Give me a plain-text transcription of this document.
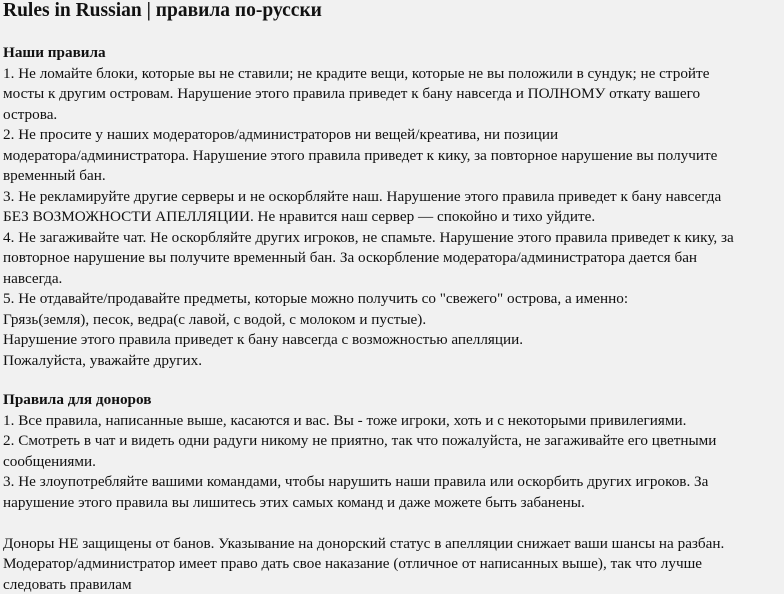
Rules in Russian | правила по-русски
Наши правила
1. Не ломайте блоки, которые вы не ставили; не крадите вещи, которые не вы положили в сундук; не стройте
мосты к другим островам. Нарушение этого правила приведет к бану навсегда и ПОЛНОМУ откату вашего
острова.
2. Не просите у наших модераторов/администраторов ни вещей/креатива, ни позиции
модератора/администратора. Нарушение этого правила приведет к кику, за повторное нарушение вы получите
временный бан.
3. Не рекламируйте другие серверы и не оскорбляйте наш. Нарушение этого правила приведет к бану навсегда
БЕЗ ВОЗМОЖНОСТИ АПЕЛЛЯЦИИ. Не нравится наш сервер — спокойно и тихо уйдите.
4. Не загаживайте чат. Не оскорбляйте других игроков, не спамьте. Нарушение этого правила приведет к кику, за
повторное нарушение вы получите временный бан. За оскорбление модератора/администратора дается бан
навсегда.
5. Не отдавайте/продавайте предметы, которые можно получить со "свежего" острова, а именно:
Грязь(земля), песок, ведра(с лавой, с водой, с молоком и пустые).
Нарушение этого правила приведет к бану навсегда с возможностью апелляции.
Пожалуйста, уважайте других.
Правила для доноров
1. Все правила, написанные выше, касаются и вас. Вы - тоже игроки, хоть и с некоторыми привилегиями.
2. Смотреть в чат и видеть одни радуги никому не приятно, так что пожалуйста, не загаживайте его цветными
сообщениями.
3. Не злоупотребляйте вашими командами, чтобы нарушить наши правила или оскорбить других игроков. За
нарушение этого правила вы лишитесь этих самых команд и даже можете быть забанены.
Доноры НЕ защищены от банов. Указывание на донорский статус в апелляции снижает ваши шансы на разбан.
Модератор/администратор имеет право дать свое наказание (отличное от написанных выше), так что лучше
следовать правилам
